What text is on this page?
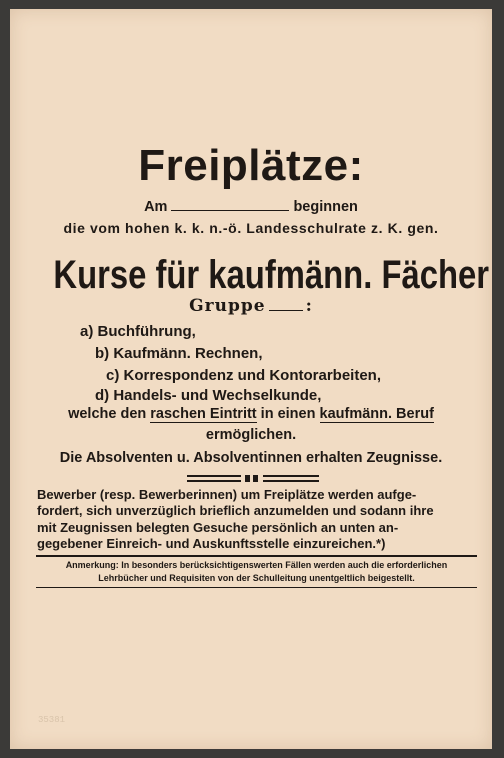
Freiplätze:
Am	beginnen
die vom hohen k. k. n.-ö. Landesschulrate z. K. gen.
Kurse für kaufmänn. Fächer
Gruppe :
a) Buchführung,
b) Kaufmänn. Rechnen,
c) Korrespondenz und Kontorarbeiten,
d) Handels- und Wechselkunde,
welche den raschen Eintritt in einen kaufmänn. Beruf
ermöglichen.
Die Absolventen u. Absolventinnen erhalten Zeugnisse.
Bewerber (resp. Bewerberinnen) um Freiplätze werden aufge-
fordert, sich unverzüglich brieflich anzumelden und sodann ihre
mit Zeugnissen belegten Gesuche persönlich an unten an-
gegebener Einreich- und Auskunftsstelle einzureichen.*)
Anmerkung: In besonders berücksichtigenswerten Fällen werden auch die erforderlichen
Lehrbücher und Requisiten von der Schulleitung unentgeltlich beigestellt.
35381
